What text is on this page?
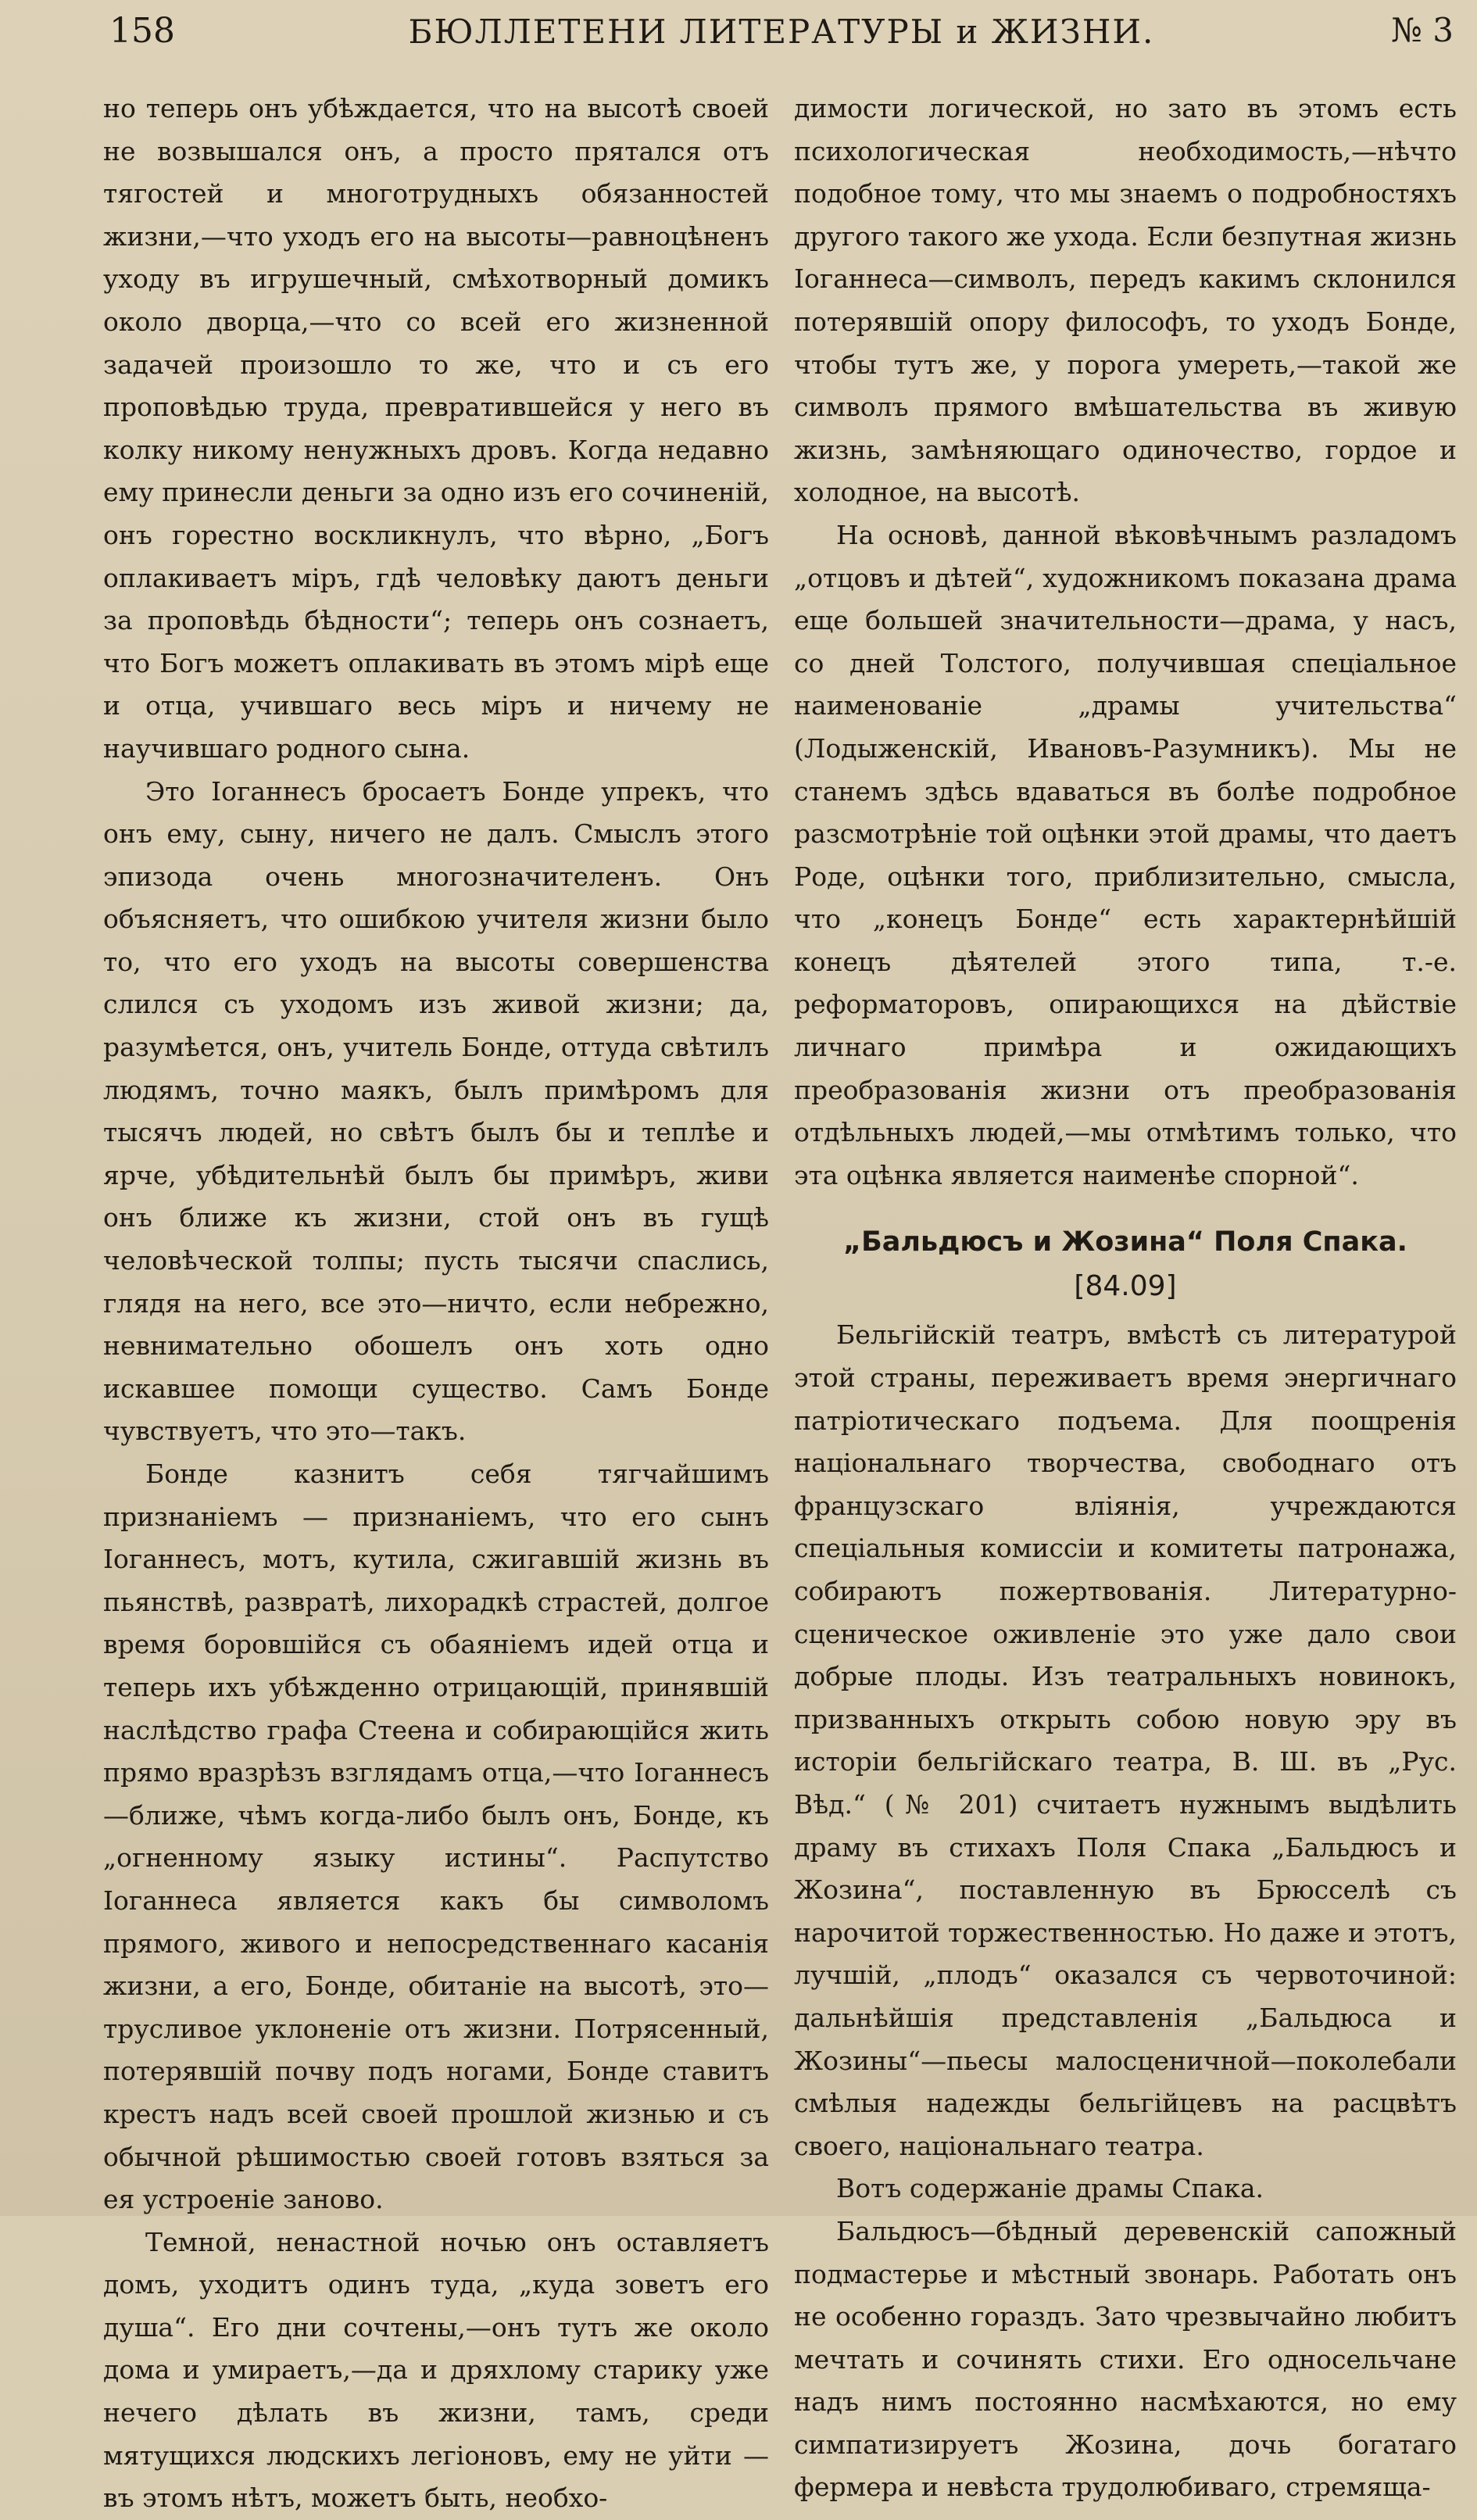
158	БЮЛЛЕТЕНИ ЛИТЕРАТУРЫ и ЖИЗНИ.	№ 3

но теперь онъ убѣждается, что на высотѣ своей не возвышался онъ, а просто прятался отъ тягостей и многотрудныхъ обязанностей жизни,—что уходъ его на высоты—равноцѣненъ уходу въ игрушечный, смѣхотворный домикъ около дворца,—что со всей его жизненной задачей произошло то же, что и съ его проповѣдью труда, превратившейся у него въ колку никому ненужныхъ дровъ. Когда недавно ему принесли деньги за одно изъ его сочиненій, онъ горестно воскликнулъ, что вѣрно, „Богъ оплакиваетъ міръ, гдѣ человѣку даютъ деньги за проповѣдь бѣдности“; теперь онъ сознаетъ, что Богъ можетъ оплакивать въ этомъ мірѣ еще и отца, учившаго весь міръ и ничему не научившаго родного сына.

Это Іоганнесъ бросаетъ Бонде упрекъ, что онъ ему, сыну, ничего не далъ. Смыслъ этого эпизода очень многозначителенъ. Онъ объясняетъ, что ошибкою учителя жизни было то, что его уходъ на высоты совершенства слился съ уходомъ изъ живой жизни; да, разумѣется, онъ, учитель Бонде, оттуда свѣтилъ людямъ, точно маякъ, былъ примѣромъ для тысячъ людей, но свѣтъ былъ бы и теплѣе и ярче, убѣдительнѣй былъ бы примѣръ, живи онъ ближе къ жизни, стой онъ въ гущѣ человѣческой толпы; пусть тысячи спаслись, глядя на него, все это—ничто, если небрежно, невнимательно обошелъ онъ хоть одно искавшее помощи существо. Самъ Бонде чувствуетъ, что это—такъ.

Бонде казнитъ себя тягчайшимъ признаніемъ — признаніемъ, что его сынъ Іоганнесъ, мотъ, кутила, сжигавшій жизнь въ пьянствѣ, развратѣ, лихорадкѣ страстей, долгое время боровшійся съ обаяніемъ идей отца и теперь ихъ убѣжденно отрицающій, принявшій наслѣдство графа Стеена и собирающійся жить прямо вразрѣзъ взглядамъ отца,—что Іоганнесъ—ближе, чѣмъ когда-либо былъ онъ, Бонде, къ „огненному языку истины“. Распутство Іоганнеса является какъ бы символомъ прямого, живого и непосредственнаго касанія жизни, а его, Бонде, обитаніе на высотѣ, это—трусливое уклоненіе отъ жизни. Потрясенный, потерявшій почву подъ ногами, Бонде ставитъ крестъ надъ всей своей прошлой жизнью и съ обычной рѣшимостью своей готовъ взяться за ея устроеніе заново.

Темной, ненастной ночью онъ оставляетъ домъ, уходитъ одинъ туда, „куда зоветъ его душа“. Его дни сочтены,—онъ тутъ же около дома и умираетъ,—да и дряхлому старику уже нечего дѣлать въ жизни, тамъ, среди мятущихся людскихъ легіоновъ, ему не уйти —въ этомъ нѣтъ, можетъ быть, необхо-

димости логической, но зато въ этомъ есть психологическая необходимость,—нѣчто подобное тому, что мы знаемъ о подробностяхъ другого такого же ухода. Если безпутная жизнь Іоганнеса—символъ, передъ какимъ склонился потерявшій опору философъ, то уходъ Бонде, чтобы тутъ же, у порога умереть,—такой же символъ прямого вмѣшательства въ живую жизнь, замѣняющаго одиночество, гордое и холодное, на высотѣ.

На основѣ, данной вѣковѣчнымъ разладомъ „отцовъ и дѣтей“, художникомъ показана драма еще большей значительности—драма, у насъ, со дней Толстого, получившая спеціальное наименованіе „драмы учительства“ (Лодыженскій, Ивановъ-Разумникъ). Мы не станемъ здѣсь вдаваться въ болѣе подробное разсмотрѣніе той оцѣнки этой драмы, что даетъ Роде, оцѣнки того, приблизительно, смысла, что „конецъ Бонде“ есть характернѣйшій конецъ дѣятелей этого типа, т.-е. реформаторовъ, опирающихся на дѣйствіе личнаго примѣра и ожидающихъ преобразованія жизни отъ преобразованія отдѣльныхъ людей,—мы отмѣтимъ только, что эта оцѣнка является наименѣе спорной“.

„Бальдюсъ и Жозина“ Поля Спака.
[84.09]

Бельгійскій театръ, вмѣстѣ съ литературой этой страны, переживаетъ время энергичнаго патріотическаго подъема. Для поощренія національнаго творчества, свободнаго отъ французскаго вліянія, учреждаются спеціальныя комиссіи и комитеты патронажа, собираютъ пожертвованія. Литературно-сценическое оживленіе это уже дало свои добрые плоды. Изъ театральныхъ новинокъ, призванныхъ открыть собою новую эру въ исторіи бельгійскаго театра, В. Ш. въ „Рус. Вѣд.“ (№ 201) считаетъ нужнымъ выдѣлить драму въ стихахъ Поля Спака „Бальдюсъ и Жозина“, поставленную въ Брюсселѣ съ нарочитой торжественностью. Но даже и этотъ, лучшій, „плодъ“ оказался съ червоточиной: дальнѣйшія представленія „Бальдюса и Жозины“—пьесы малосценичной—поколебали смѣлыя надежды бельгійцевъ на расцвѣтъ своего, національнаго театра.

Вотъ содержаніе драмы Спака.

Бальдюсъ—бѣдный деревенскій сапожный подмастерье и мѣстный звонарь. Работать онъ не особенно гораздъ. Зато чрезвычайно любитъ мечтать и сочинять стихи. Его односельчане надъ нимъ постоянно насмѣхаются, но ему симпатизируетъ Жозина, дочь богатаго фермера и невѣста трудолюбиваго, стремяща-
